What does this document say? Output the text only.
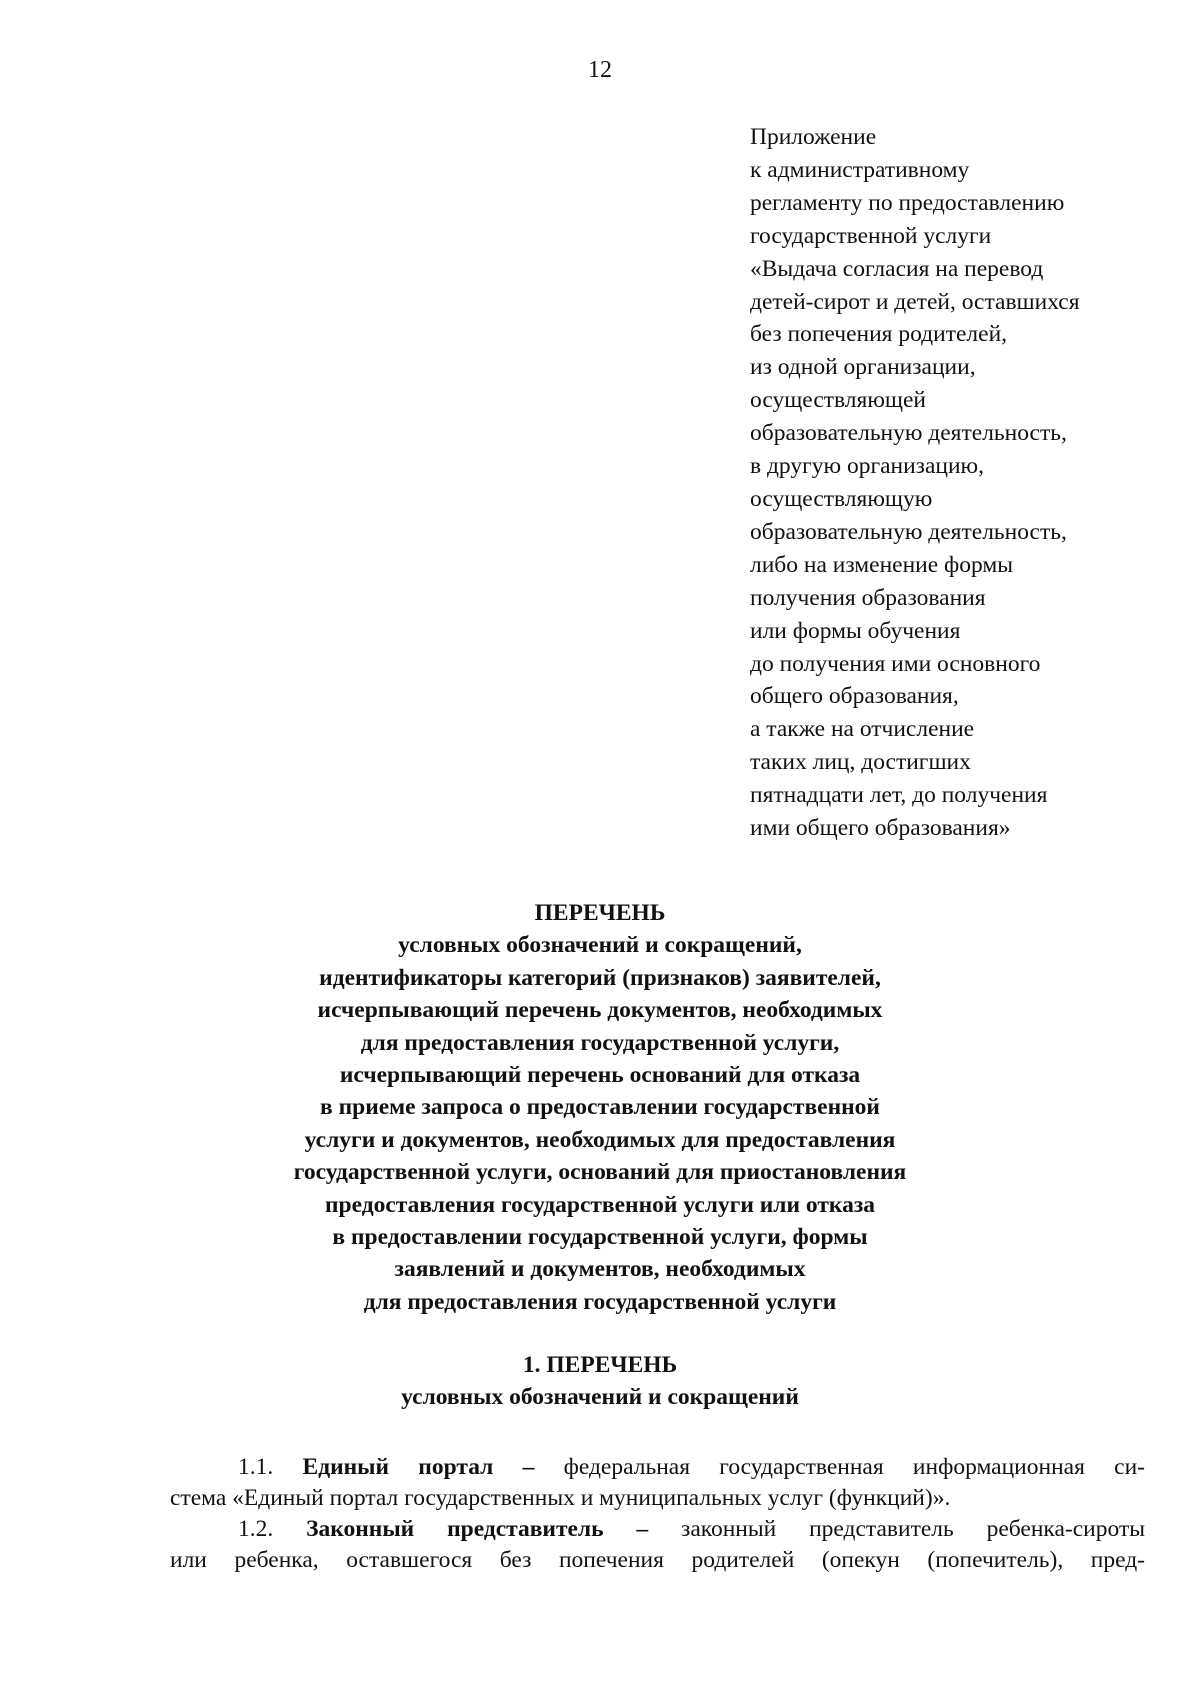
12
Приложение
к административному
регламенту по предоставлению
государственной услуги
«Выдача согласия на перевод
детей-сирот и детей, оставшихся
без попечения родителей,
из одной организации,
осуществляющей
образовательную деятельность,
в другую организацию,
осуществляющую
образовательную деятельность,
либо на изменение формы
получения образования
или формы обучения
до получения ими основного
общего образования,
а также на отчисление
таких лиц, достигших
пятнадцати лет, до получения
ими общего образования»
ПЕРЕЧЕНЬ
условных обозначений и сокращений,
идентификаторы категорий (признаков) заявителей,
исчерпывающий перечень документов, необходимых
для предоставления государственной услуги,
исчерпывающий перечень оснований для отказа
в приеме запроса о предоставлении государственной
услуги и документов, необходимых для предоставления
государственной услуги, оснований для приостановления
предоставления государственной услуги или отказа
в предоставлении государственной услуги, формы
заявлений и документов, необходимых
для предоставления государственной услуги
1. ПЕРЕЧЕНЬ
условных обозначений и сокращений
1.1. Единый портал – федеральная государственная информационная си-
стема «Единый портал государственных и муниципальных услуг (функций)».
1.2. Законный представитель – законный представитель ребенка-сироты
или ребенка, оставшегося без попечения родителей (опекун (попечитель), пред-
